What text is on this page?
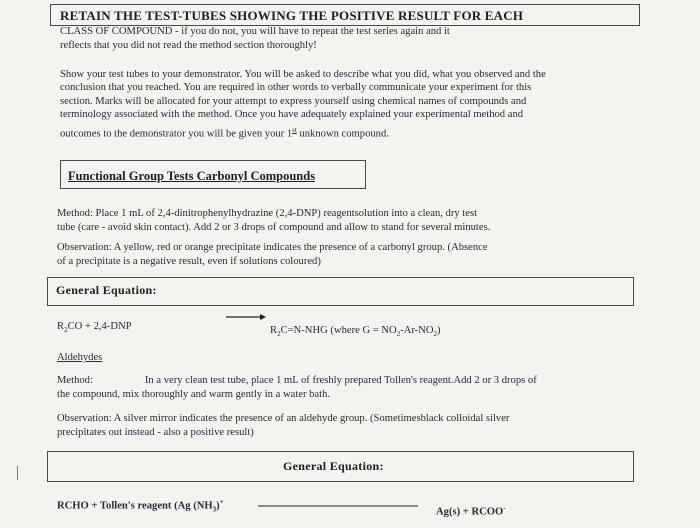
RETAIN THE TEST-TUBES SHOWING THE POSITIVE RESULT FOR EACH
CLASS OF COMPOUND - if you do not, you will have to repeat the test series again and it
reflects that you did not read the method section thoroughly!
Show your test tubes to your demonstrator. You will be asked to describe what you did, what you observed and the
conclusion that you reached. You are required in other words to verbally communicate your experiment for this
section. Marks will be allocated for your attempt to express yourself using chemical names of compounds and
terminology associated with the method. Once you have adequately explained your experimental method and
outcomes to the demonstrator you will be given your 1st unknown compound.
Functional Group Tests Carbonyl Compounds
Method: Place 1 mL of 2,4-dinitrophenylhydrazine (2,4-DNP) reagentsolution into a clean, dry test
tube (care - avoid skin contact). Add 2 or 3 drops of compound and allow to stand for several minutes.
Observation: A yellow, red or orange precipitate indicates the presence of a carbonyl group. (Absence
of a precipitate is a negative result, even if solutions coloured)
General Equation:
$R_2CO + 2,4-DNP$	$R_2C=N$-NHG (where $G = NO_2-Ar-NO_2$)
Aldehydes
Method:	In a very clean test tube, place 1 mL of freshly prepared Tollen's reagent.Add 2 or 3 drops of
the compound, mix thoroughly and warm gently in a water bath.
Observation: A silver mirror indicates the presence of an aldehyde group. (Sometimesblack colloidal silver
precipitates out instead - also a positive result)
General Equation:
RCHO + Tollen's reagent (Ag $(NH_3)^+$
Ag(s) + RCOO-
